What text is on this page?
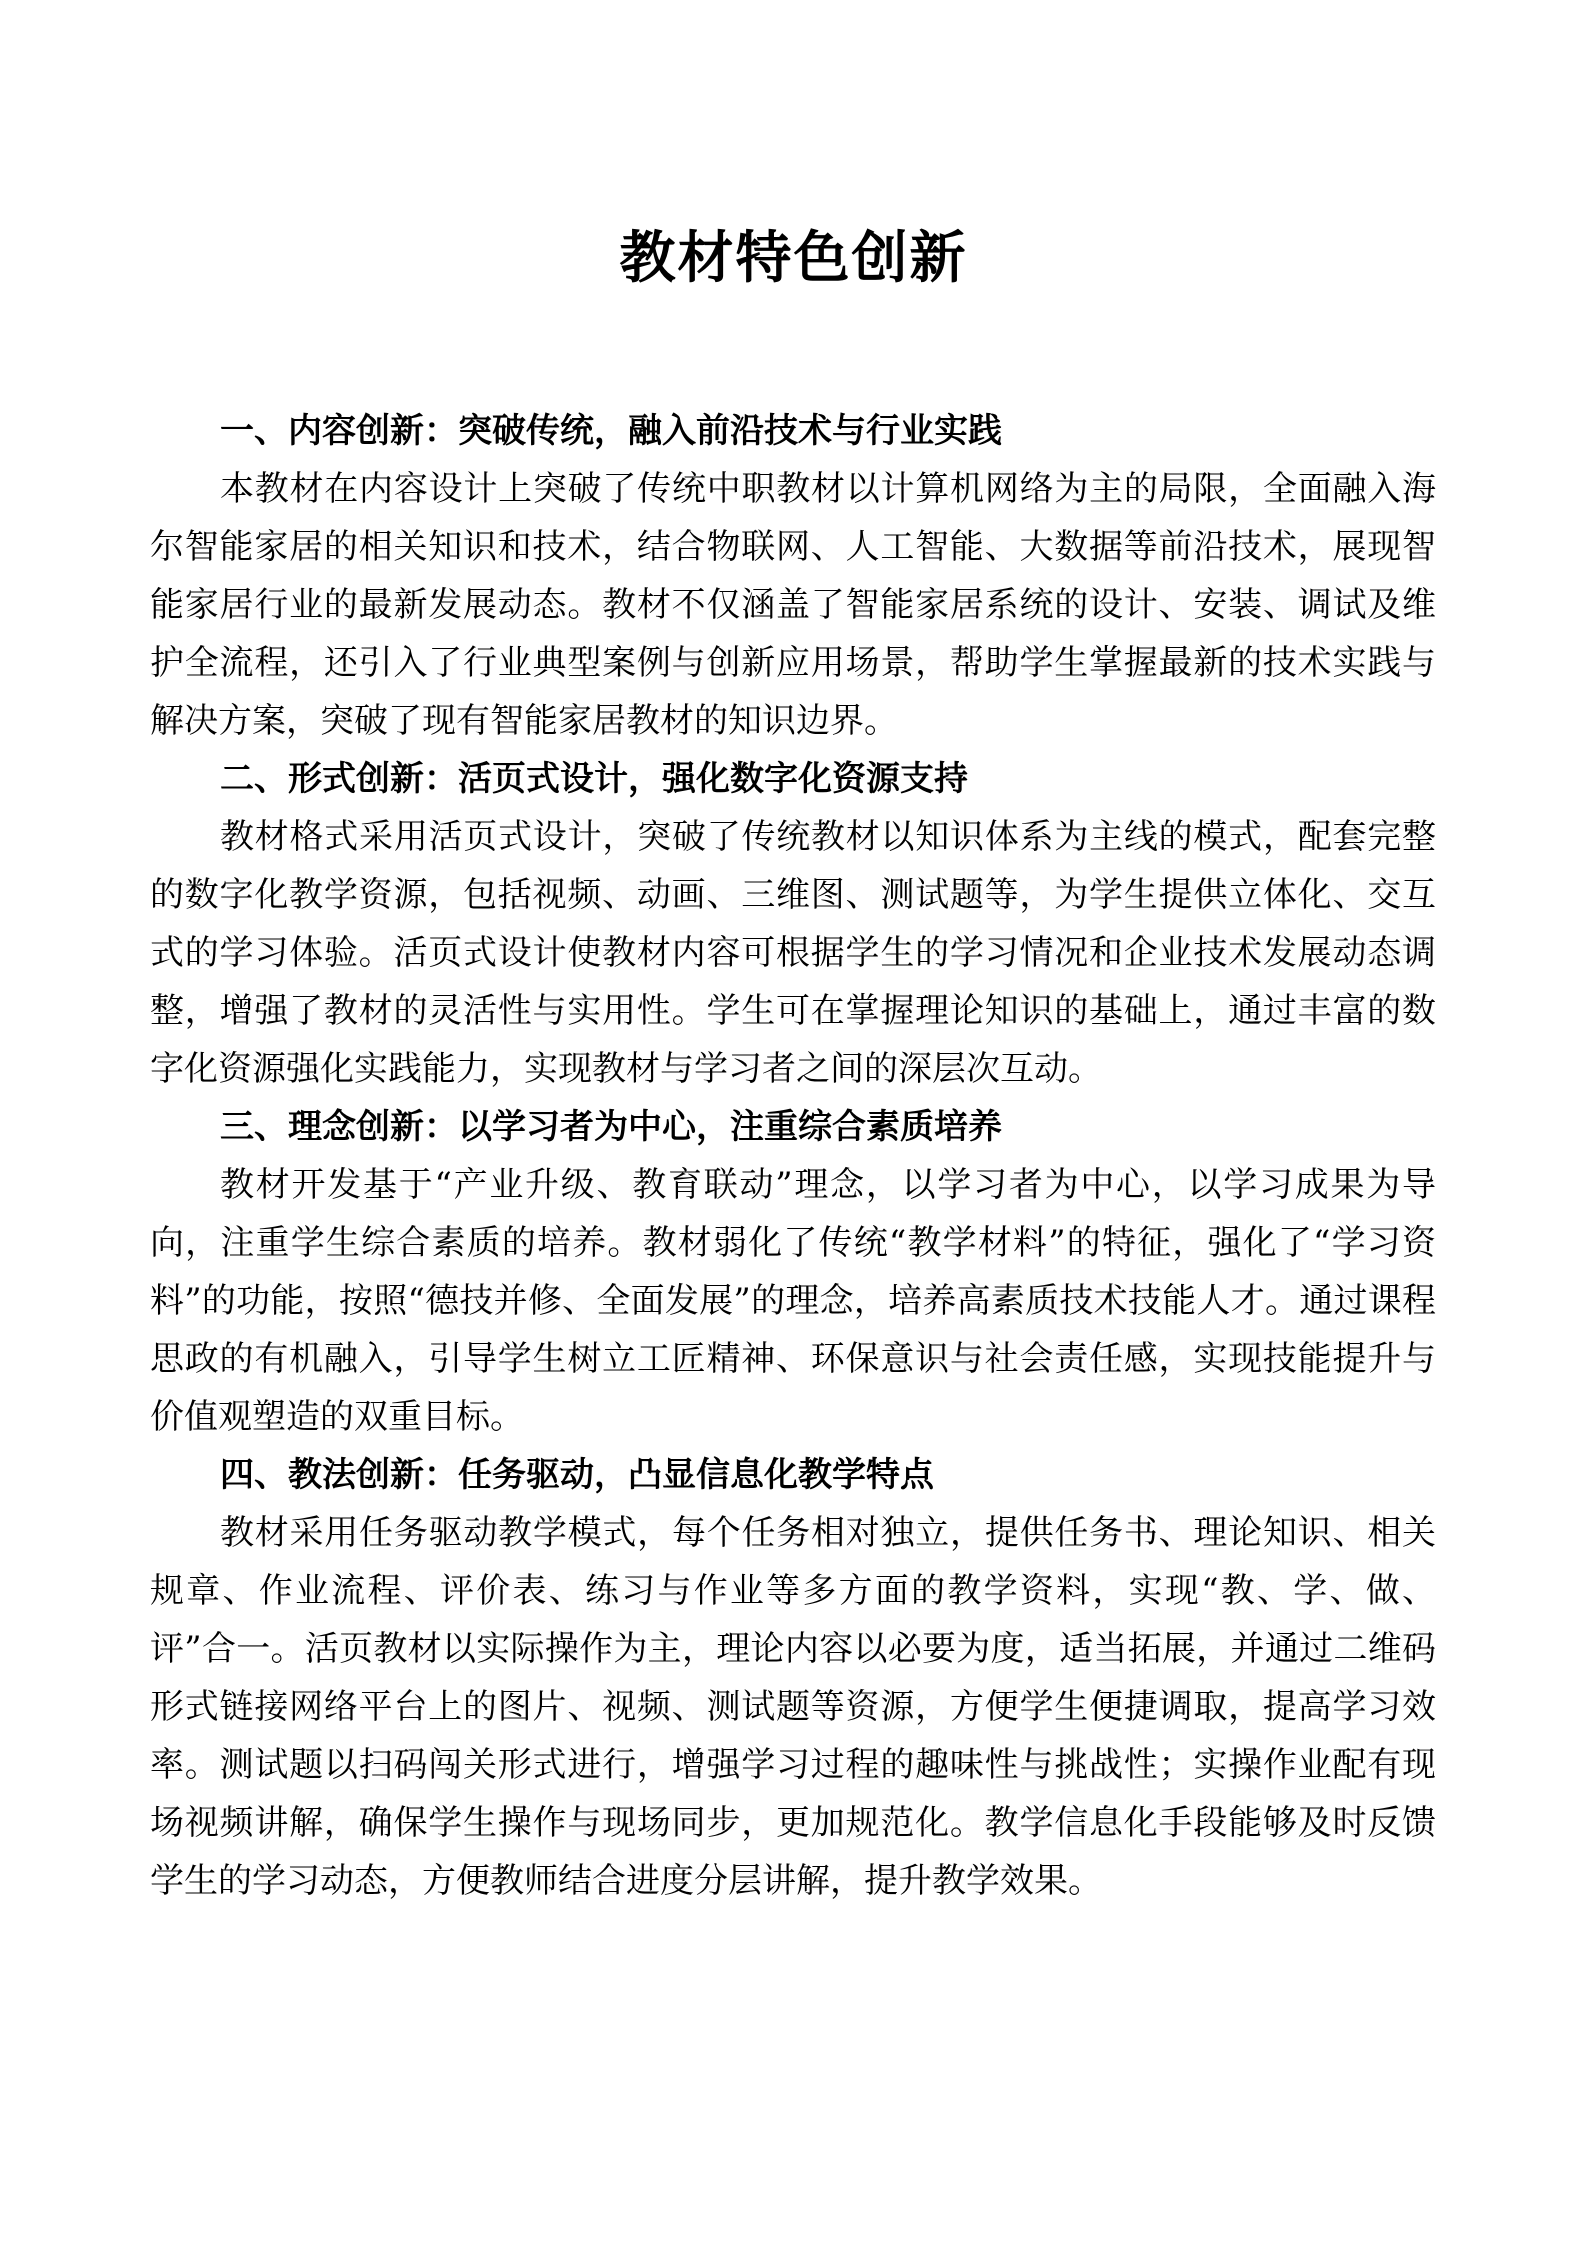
教材特色创新
一、内容创新：突破传统，融入前沿技术与行业实践

本教材在内容设计上突破了传统中职教材以计算机网络为主的局限，全面融入海尔智能家居的相关知识和技术，结合物联网、人工智能、大数据等前沿技术，展现智能家居行业的最新发展动态。教材不仅涵盖了智能家居系统的设计、安装、调试及维护全流程，还引入了行业典型案例与创新应用场景，帮助学生掌握最新的技术实践与解决方案，突破了现有智能家居教材的知识边界。

二、形式创新：活页式设计，强化数字化资源支持

教材格式采用活页式设计，突破了传统教材以知识体系为主线的模式，配套完整的数字化教学资源，包括视频、动画、三维图、测试题等，为学生提供立体化、交互式的学习体验。活页式设计使教材内容可根据学生的学习情况和企业技术发展动态调整，增强了教材的灵活性与实用性。学生可在掌握理论知识的基础上，通过丰富的数字化资源强化实践能力，实现教材与学习者之间的深层次互动。

三、理念创新：以学习者为中心，注重综合素质培养

教材开发基于“产业升级、教育联动”理念，以学习者为中心，以学习成果为导向，注重学生综合素质的培养。教材弱化了传统“教学材料”的特征，强化了“学习资料”的功能，按照“德技并修、全面发展”的理念，培养高素质技术技能人才。通过课程思政的有机融入，引导学生树立工匠精神、环保意识与社会责任感，实现技能提升与价值观塑造的双重目标。

四、教法创新：任务驱动，凸显信息化教学特点

教材采用任务驱动教学模式，每个任务相对独立，提供任务书、理论知识、相关规章、作业流程、评价表、练习与作业等多方面的教学资料，实现“教、学、做、评”合一。活页教材以实际操作为主，理论内容以必要为度，适当拓展，并通过二维码形式链接网络平台上的图片、视频、测试题等资源，方便学生便捷调取，提高学习效率。测试题以扫码闯关形式进行，增强学习过程的趣味性与挑战性；实操作业配有现场视频讲解，确保学生操作与现场同步，更加规范化。教学信息化手段能够及时反馈学生的学习动态，方便教师结合进度分层讲解，提升教学效果。
